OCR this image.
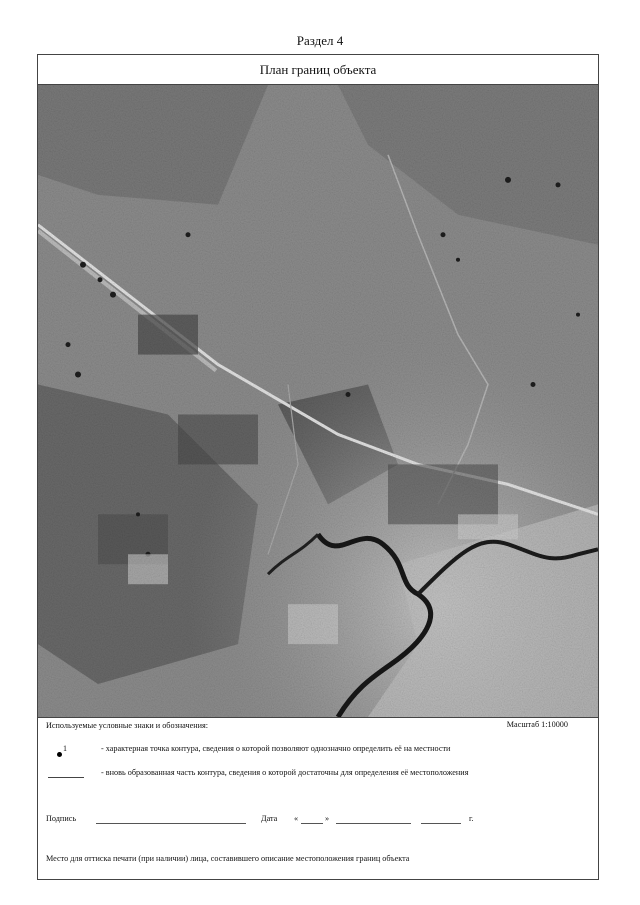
Раздел 4
План границ объекта
Используемые условные знаки и обозначения:	Масштаб 1:10000
1	- характерная точка контура, сведения о которой позволяют однозначно определить её на местности
- вновь образованная часть контура, сведения о которой достаточны для определения её местоположения
Подпись	Дата «	»	г.
Место для оттиска печати (при наличии) лица, составившего описание местоположения границ объекта
